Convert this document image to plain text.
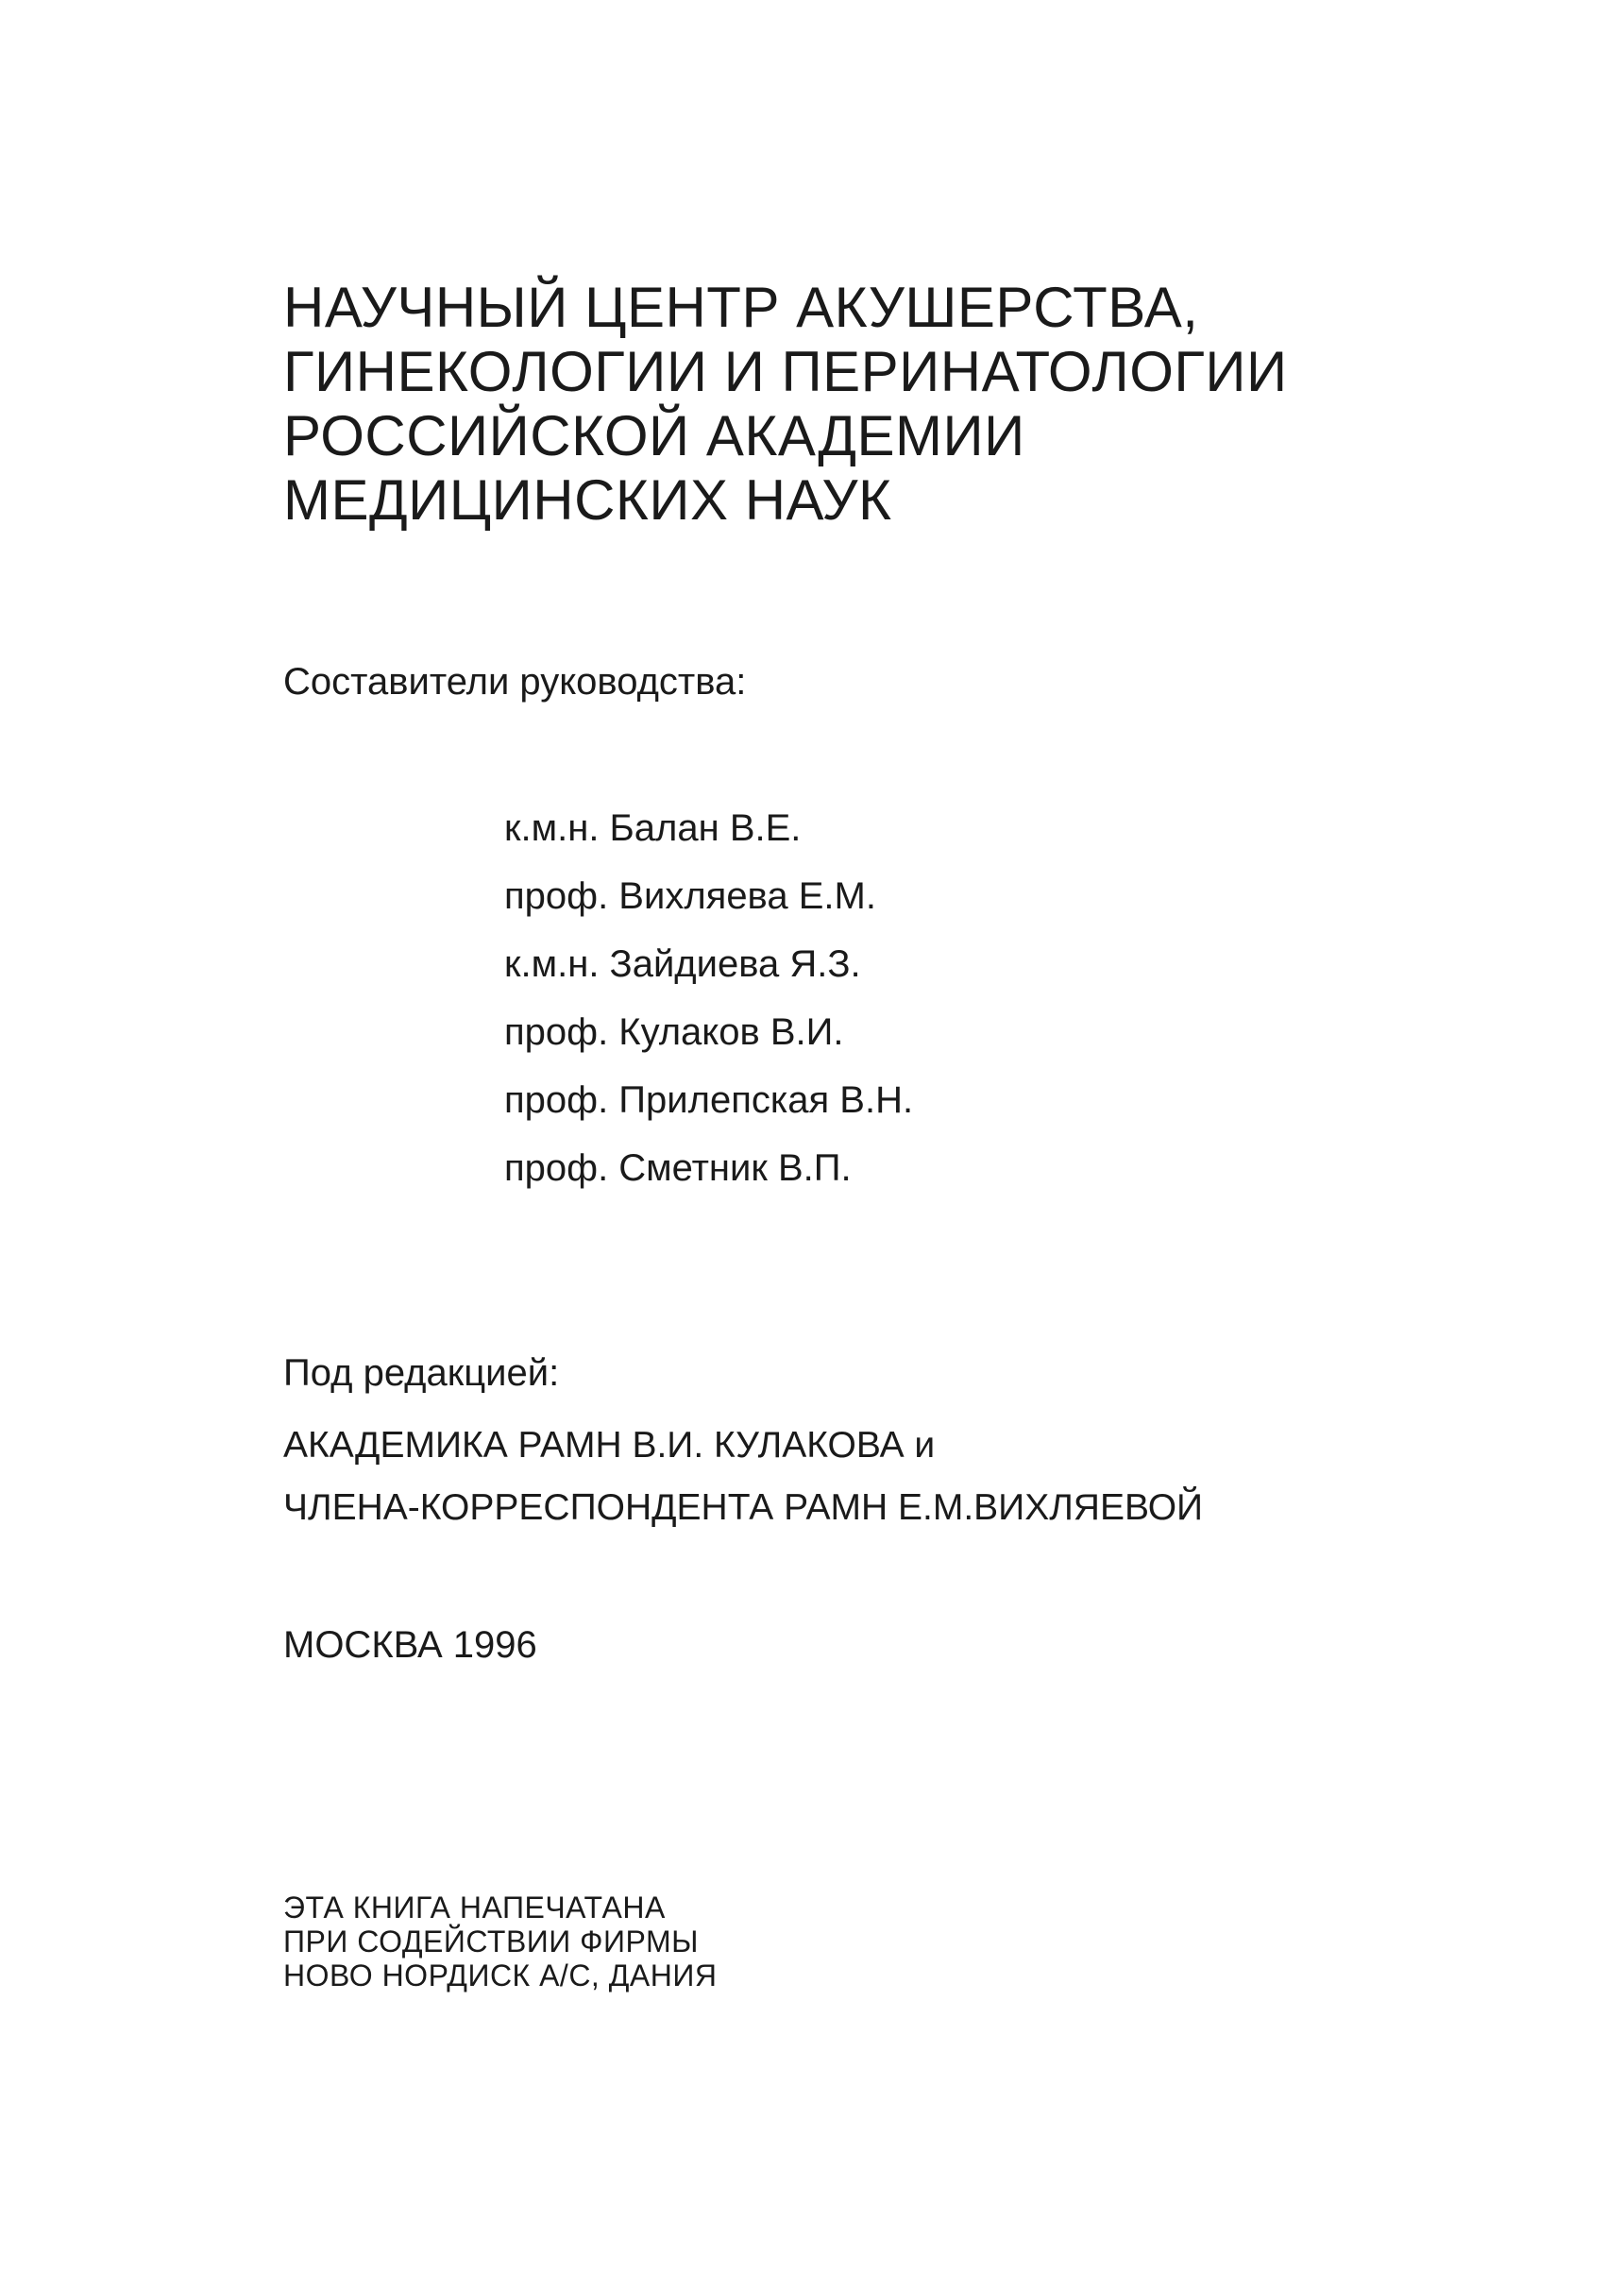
НАУЧНЫЙ ЦЕНТР АКУШЕРСТВА,
ГИНЕКОЛОГИИ И ПЕРИНАТОЛОГИИ
РОССИЙСКОЙ АКАДЕМИИ
МЕДИЦИНСКИХ НАУК
Составители руководства:
к.м.н. Балан В.Е.
проф. Вихляева Е.М.
к.м.н. Зайдиева Я.З.
проф. Кулаков В.И.
проф. Прилепская В.Н.
проф. Сметник В.П.
Под редакцией:
АКАДЕМИКА РАМН В.И. КУЛАКОВА и
ЧЛЕНА-КОРРЕСПОНДЕНТА РАМН Е.М.ВИХЛЯЕВОЙ
МОСКВА 1996
ЭТА КНИГА НАПЕЧАТАНА
ПРИ СОДЕЙСТВИИ ФИРМЫ
НОВО НОРДИСК А/С, ДАНИЯ
